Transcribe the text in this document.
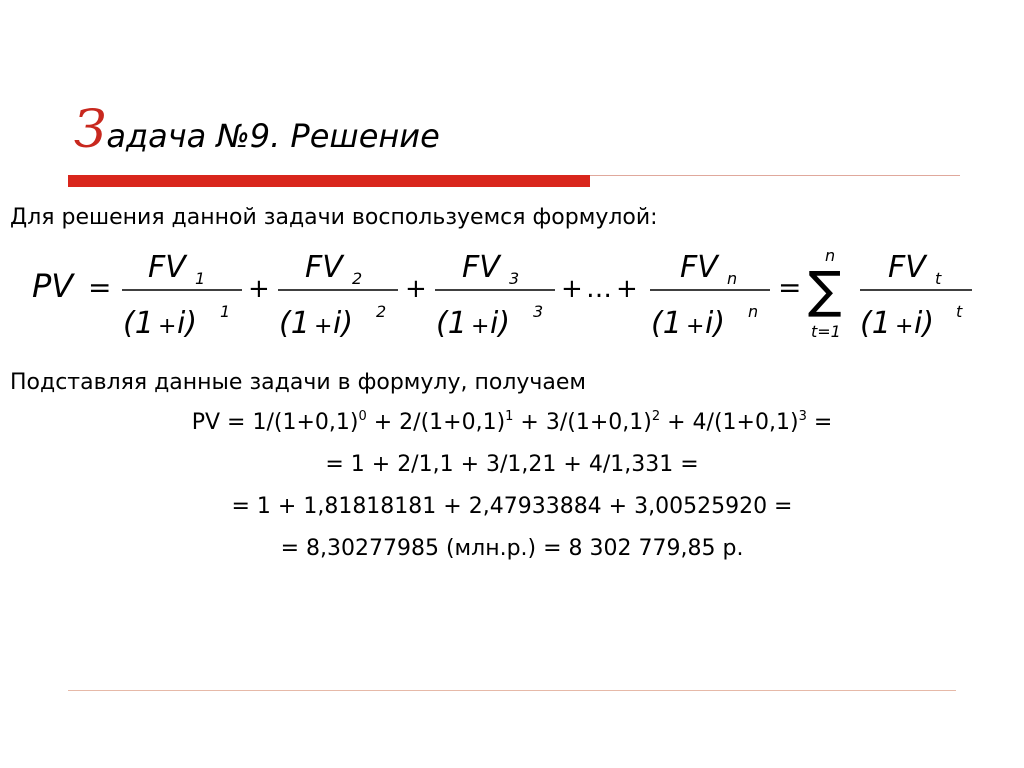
Задача №9. Решение
Для решения данной задачи воспользуемся формулой:
PV =
FV 1
(1 + i) 1
+
FV 2
(1 + i) 2
+
FV 3
(1 + i) 3
+ … +
FV n
(1 + i) n
=
n
∑
t=1
FV t
(1 + i) t
Подставляя данные задачи в формулу, получаем
PV = $1/(1+0,1)^0 + 2/(1+0,1)^1 + 3/(1+0,1)^2 + 4/(1+0,1)^3$ =
= 1 + 2/1,1 + 3/1,21 + 4/1,331 =
= 1 + 1,81818181 + 2,47933884 + 3,00525920 =
= 8,30277985 (млн.р.) = 8 302 779,85 р.
